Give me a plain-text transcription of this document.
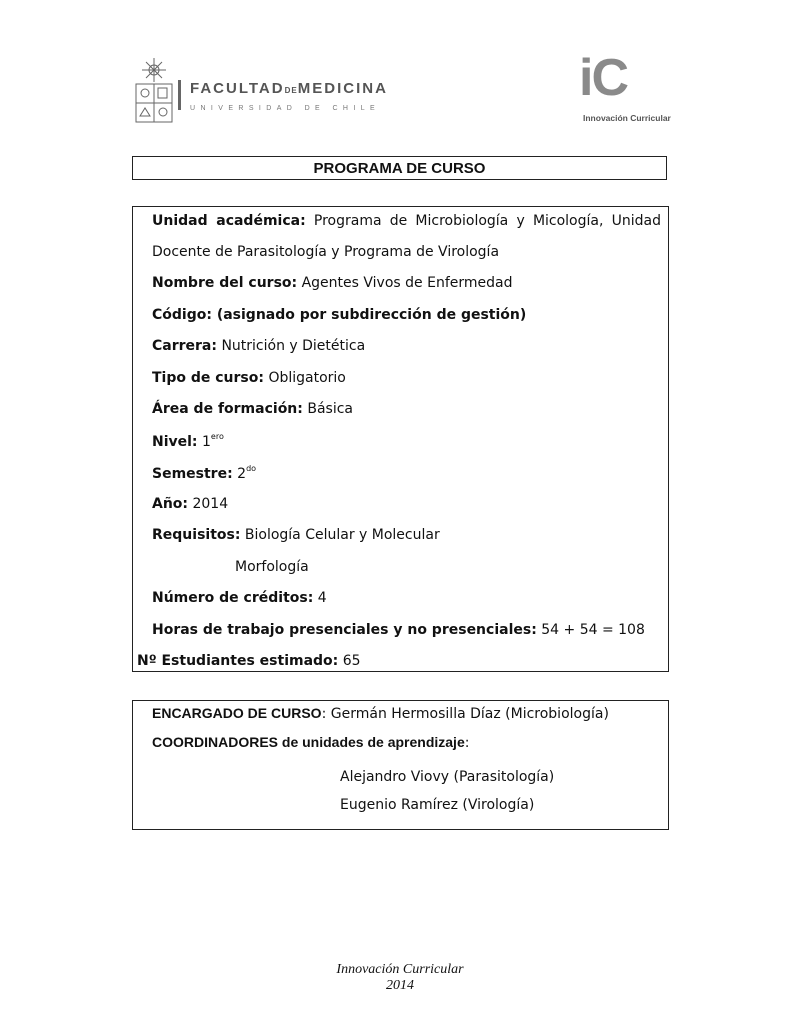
FACULTADDEMEDICINA
UNIVERSIDAD DE CHILE
iC
Innovación Curricular
PROGRAMA DE CURSO
Unidad académica: Programa de Microbiología y Micología, Unidad
Docente de Parasitología y Programa de Virología
Nombre del curso: Agentes Vivos de Enfermedad
Código: (asignado por subdirección de gestión)
Carrera: Nutrición y Dietética
Tipo de curso: Obligatorio
Área de formación: Básica
Nivel: $1^{ero}$
Semestre: $2^{do}$
Año: 2014
Requisitos: Biología Celular y Molecular
Morfología
Número de créditos: 4
Horas de trabajo presenciales y no presenciales: 54 + 54 = 108
Nº Estudiantes estimado: 65
ENCARGADO DE CURSO: Germán Hermosilla Díaz (Microbiología)
COORDINADORES de unidades de aprendizaje:
Alejandro Viovy (Parasitología)
Eugenio Ramírez (Virología)
Innovación Curricular
2014
